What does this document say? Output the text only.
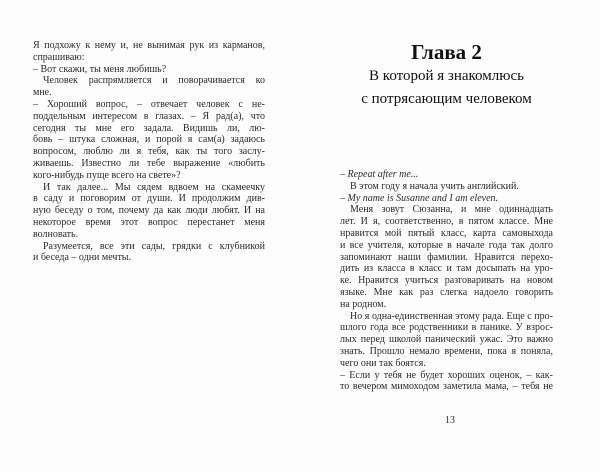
Я подхожу к нему и, не вынимая рук из карманов,
спрашиваю:
– Вот скажи, ты меня любишь?
Человек распрямляется и поворачивается ко
мне.
– Хороший вопрос, – отвечает человек с не-
поддельным интересом в глазах. – Я рад(а), что
сегодня ты мне его задала. Видишь ли, лю-
бовь – штука сложная, и порой я сам(а) задаюсь
вопросом, люблю ли я тебя, как ты того заслу-
живаешь. Известно ли тебе выражение «любить
кого-нибудь пуще всего на свете»?
И так далее... Мы сядем вдвоем на скамеечку
в саду и поговорим от души. И продолжим див-
ную беседу о том, почему да как люди любят. И на
некоторое время этот вопрос перестанет меня
волновать.
Разумеется, все эти сады, грядки с клубникой
и беседа – одни мечты.
Глава 2
В которой я знакомлюсь
с потрясающим человеком
– Repeat after me...
В этом году я начала учить английский.
– My name is Susanne and I am eleven.
Меня зовут Сюзанна, и мне одиннадцать
лет. И я, соответственно, в пятом классе. Мне
нравится мой пятый класс, карта самовыхода
и все учителя, которые в начале года так долго
запоминают наши фамилии. Нравится перехо-
дить из класса в класс и там досыпать на уро-
ке. Нравится учиться разговаривать на новом
языке. Мне как раз слегка надоело говорить
на родном.
Но я одна-единственная этому рада. Еще с про-
шлого года все родственники в панике. У взрос-
лых перед школой панический ужас. Это важно
знать. Прошло немало времени, пока я поняла,
чего они так боятся.
– Если у тебя не будет хороших оценок, – как-
то вечером мимоходом заметила мама, – тебя не
13
